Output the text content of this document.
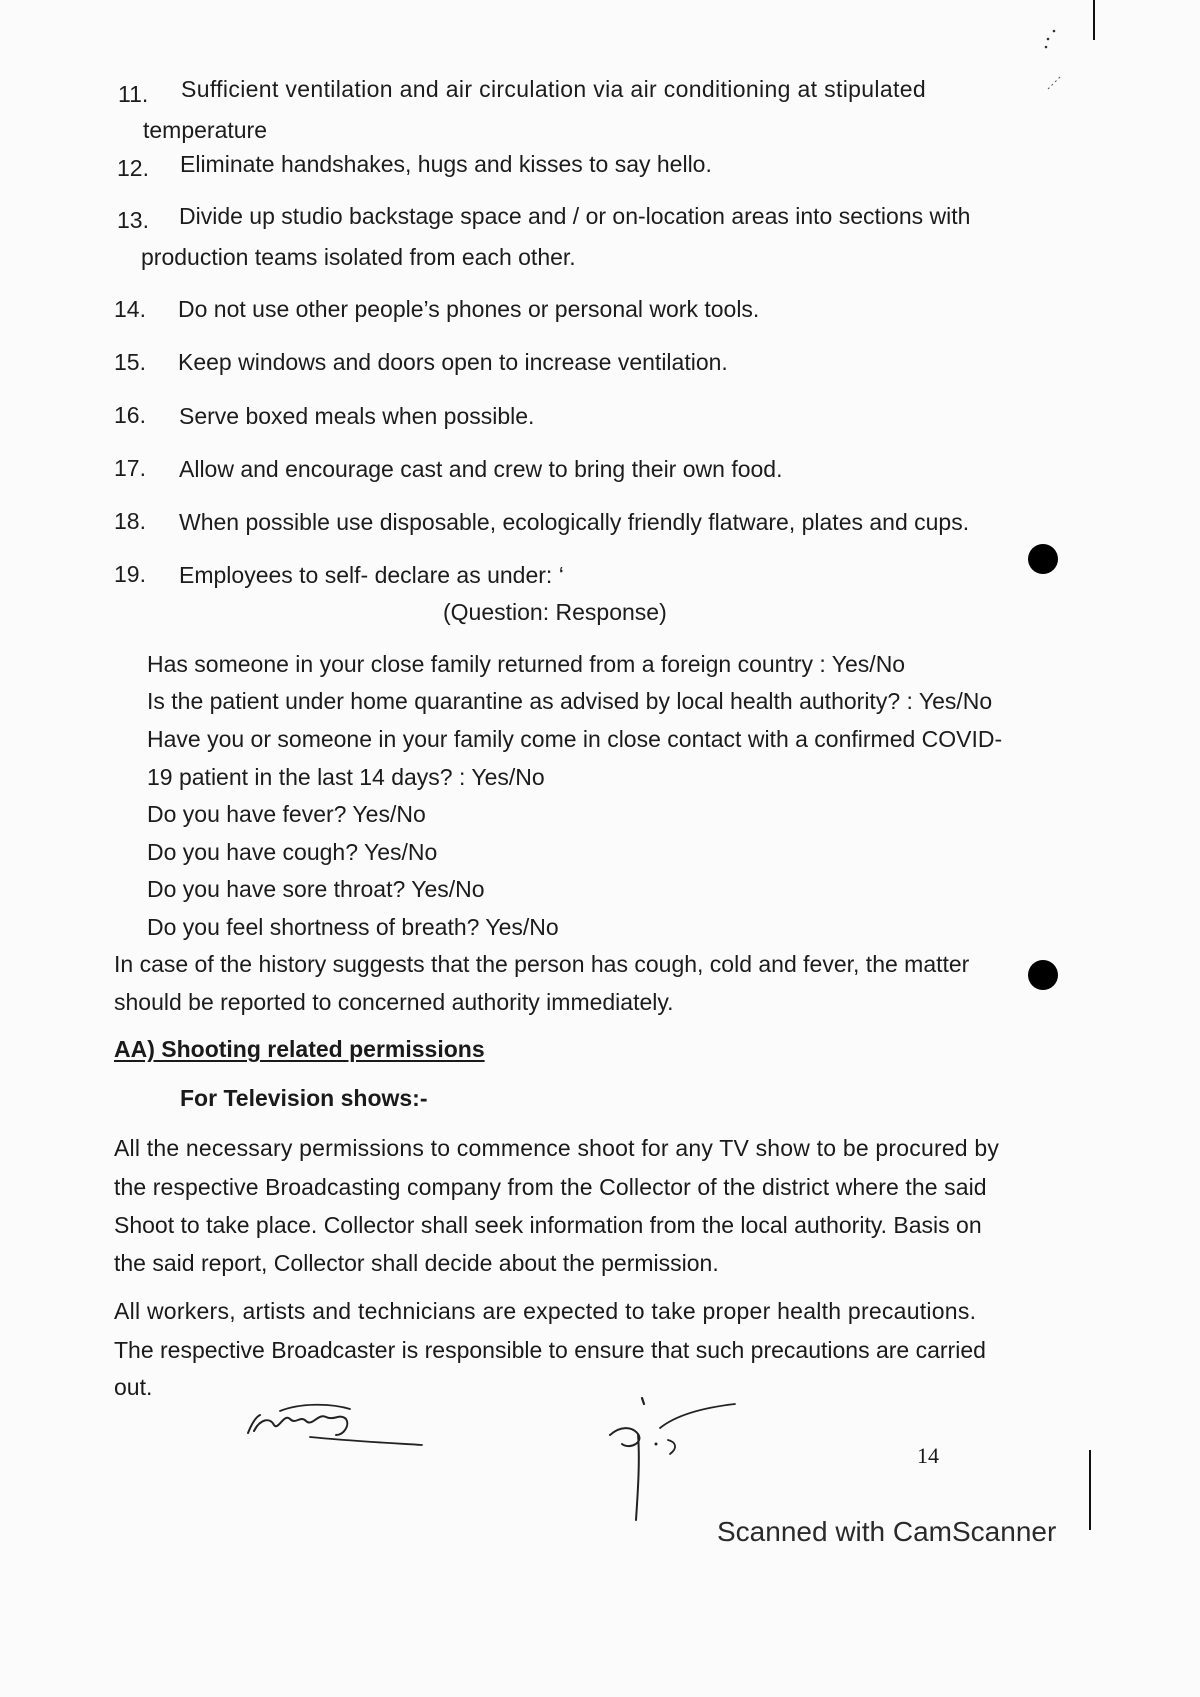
11. Sufficient ventilation and air circulation via air conditioning at stipulated
temperature
12. Eliminate handshakes, hugs and kisses to say hello.
13. Divide up studio backstage space and / or on-location areas into sections with
production teams isolated from each other.
14. Do not use other people’s phones or personal work tools.
15. Keep windows and doors open to increase ventilation.
16. Serve boxed meals when possible.
17. Allow and encourage cast and crew to bring their own food.
18. When possible use disposable, ecologically friendly flatware, plates and cups.
19. Employees to self- declare as under: ‘
(Question: Response)
Has someone in your close family returned from a foreign country : Yes/No
Is the patient under home quarantine as advised by local health authority? : Yes/No
Have you or someone in your family come in close contact with a confirmed COVID-
19 patient in the last 14 days? : Yes/No
Do you have fever? Yes/No
Do you have cough? Yes/No
Do you have sore throat? Yes/No
Do you feel shortness of breath? Yes/No
In case of the history suggests that the person has cough, cold and fever, the matter
should be reported to concerned authority immediately.
AA) Shooting related permissions
For Television shows:-
All the necessary permissions to commence shoot for any TV show to be procured by
the respective Broadcasting company from the Collector of the district where the said
Shoot to take place. Collector shall seek information from the local authority. Basis on
the said report, Collector shall decide about the permission.
All workers, artists and technicians are expected to take proper health precautions.
The respective Broadcaster is responsible to ensure that such precautions are carried
out.
14
Scanned with CamScanner
